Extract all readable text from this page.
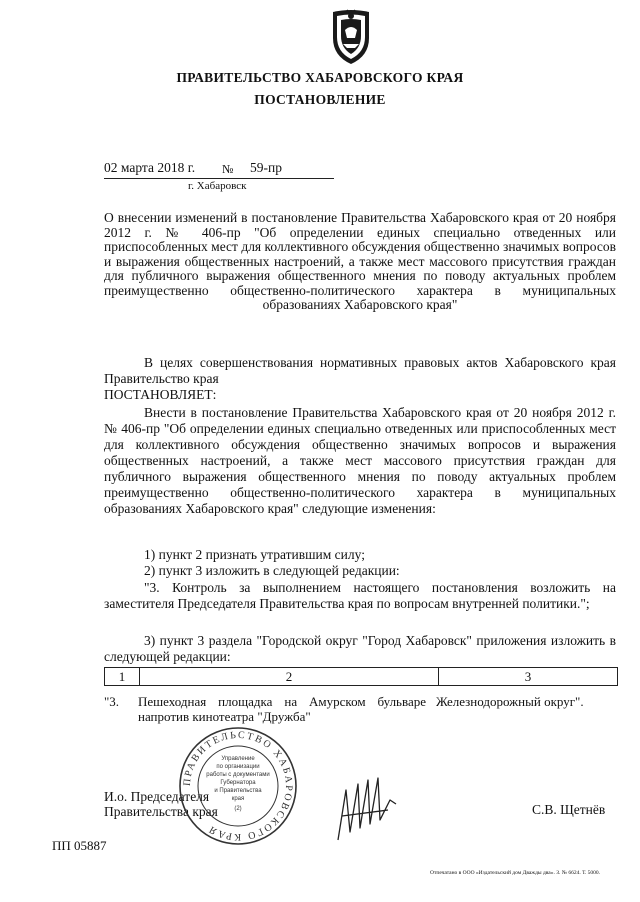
ПРАВИТЕЛЬСТВО ХАБАРОВСКОГО КРАЯ
ПОСТАНОВЛЕНИЕ
02 марта 2018 г. № 59-пр
г. Хабаровск
О внесении изменений в постановление Правительства Хабаровского края от 20 ноября 2012 г. № 406-пр "Об определении единых специально отведенных или приспособленных мест для коллективного обсуждения общественно значимых вопросов и выражения общественных настроений, а также мест массового присутствия граждан для публичного выражения общественного мнения по поводу актуальных проблем преимущественно общественно-политического характера в муниципальных образованиях Хабаровского края"
В целях совершенствования нормативных правовых актов Хабаровского края Правительство края
ПОСТАНОВЛЯЕТ:
Внести в постановление Правительства Хабаровского края от 20 ноября 2012 г. № 406-пр "Об определении единых специально отведенных или приспособленных мест для коллективного обсуждения общественно значимых вопросов и выражения общественных настроений, а также мест массового присутствия граждан для публичного выражения общественного мнения по поводу актуальных проблем преимущественно общественно-политического характера в муниципальных образованиях Хабаровского края" следующие изменения:
1) пункт 2 признать утратившим силу;
2) пункт 3 изложить в следующей редакции:
"3. Контроль за выполнением настоящего постановления возложить на заместителя Председателя Правительства края по вопросам внутренней политики.";
3) пункт 3 раздела "Городской округ "Город Хабаровск" приложения изложить в следующей редакции:
1	2	3
"3.	Пешеходная площадка на Амурском бульваре напротив кинотеатра "Дружба"
Железнодорожный округ".
И.о. Председателя
Правительства края	С.В. Щетнёв
ПРАВИТЕЛЬСТВО ХАБАРОВСКОГО КРАЯ
Управление
по организации
работы с документами
Губернатора
и Правительства
края
(2)
ПП 05887
Отпечатано в ООО «Издательский дом Дважды два». З. № 6624. Т. 5000.
